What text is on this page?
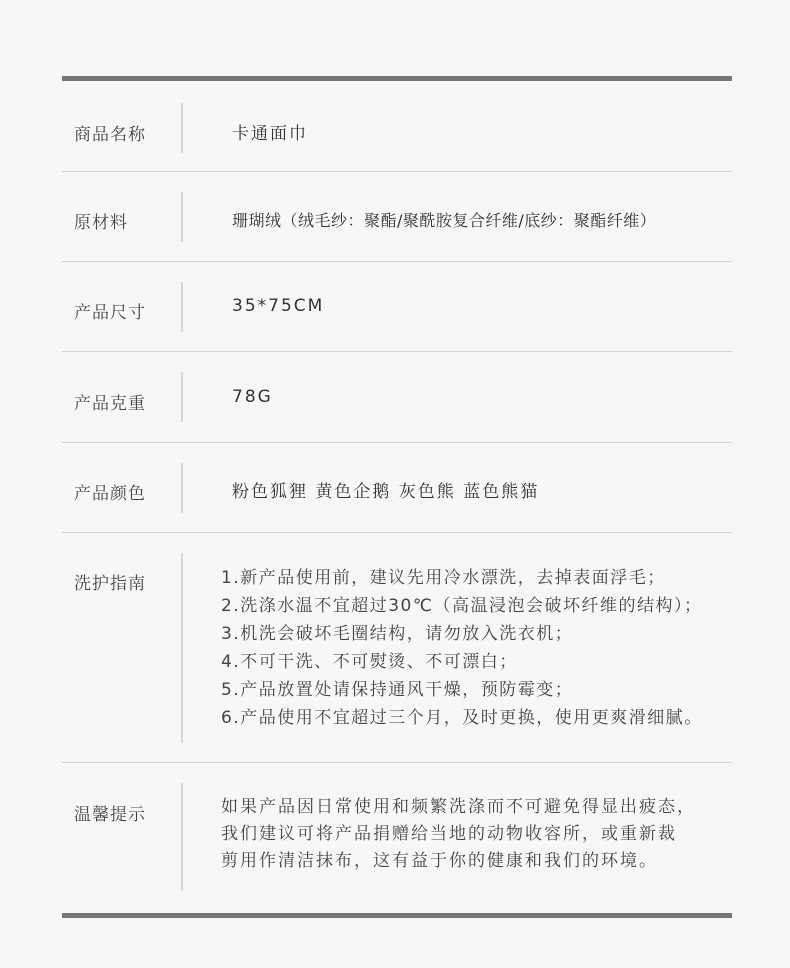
商品名称	卡通面巾
原材料	珊瑚绒（绒毛纱：聚酯/聚酰胺复合纤维/底纱：聚酯纤维）
产品尺寸	35*75CM
产品克重	78G
产品颜色	粉色狐狸 黄色企鹅 灰色熊 蓝色熊猫
洗护指南	1.新产品使用前，建议先用冷水漂洗，去掉表面浮毛；
2.洗涤水温不宜超过30℃（高温浸泡会破坏纤维的结构）；
3.机洗会破坏毛圈结构，请勿放入洗衣机；
4.不可干洗、不可熨烫、不可漂白；
5.产品放置处请保持通风干燥，预防霉变；
6.产品使用不宜超过三个月，及时更换，使用更爽滑细腻。
温馨提示	如果产品因日常使用和频繁洗涤而不可避免得显出疲态，
我们建议可将产品捐赠给当地的动物收容所，或重新裁
剪用作清洁抹布，这有益于你的健康和我们的环境。
